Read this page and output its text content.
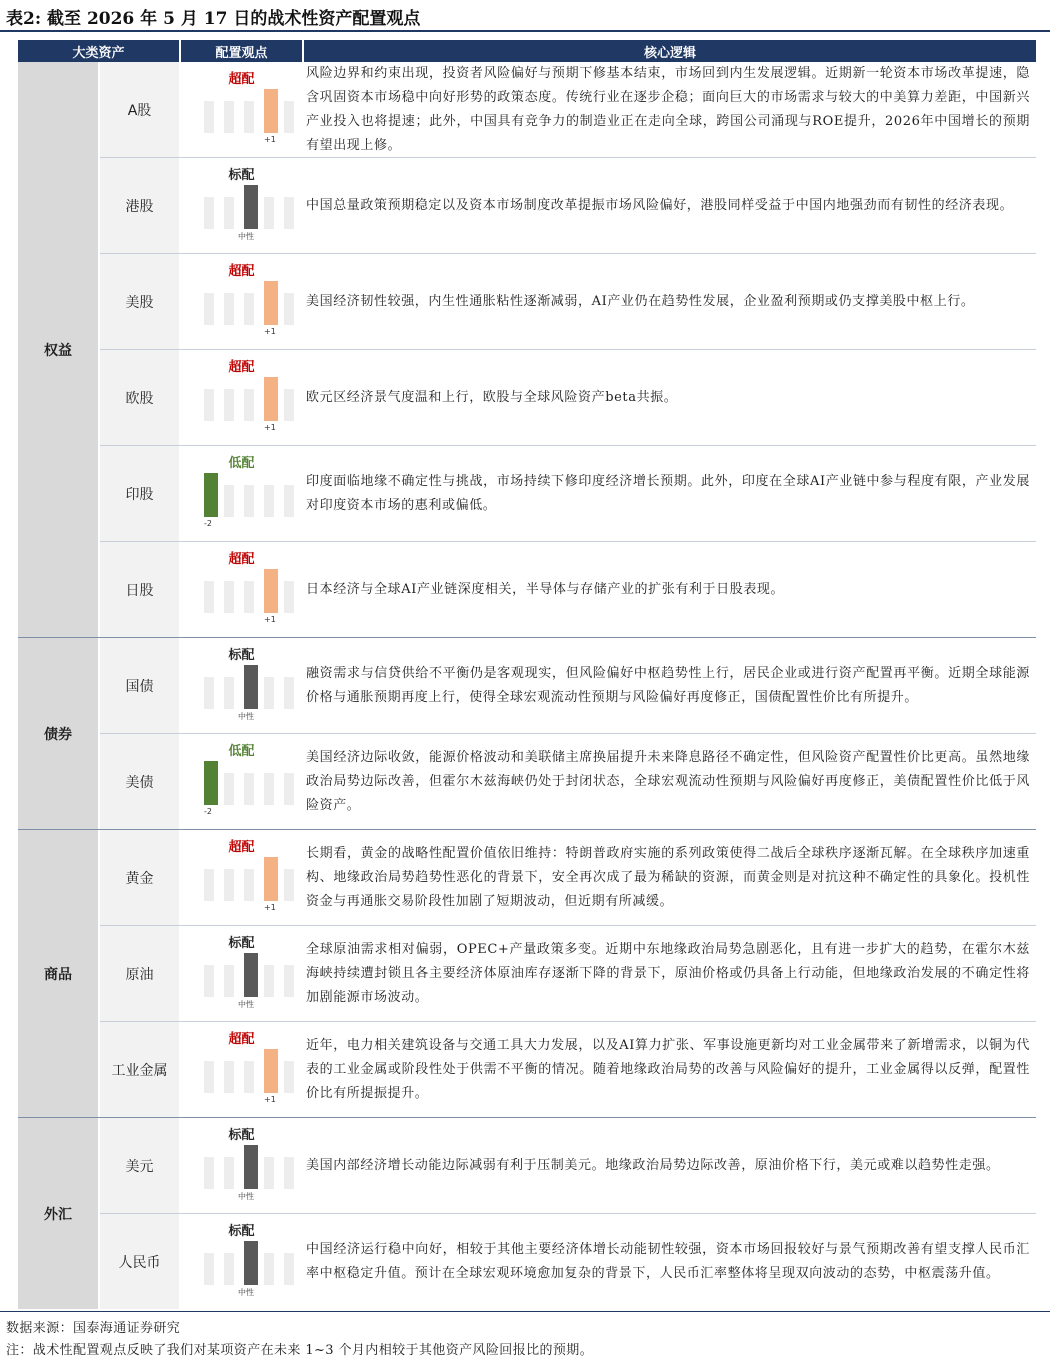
表2: 截至 2026 年 5 月 17 日的战术性资产配置观点
大类资产	配置观点	核心逻辑
A股
超配
+1
风险边界和约束出现，投资者风险偏好与预期下修基本结束，市场回到内生发展逻辑。近期新一轮资本市场改革提速，隐含巩固资本市场稳中向好形势的政策态度。传统行业在逐步企稳；面向巨大的市场需求与较大的中美算力差距，中国新兴产业投入也将提速；此外，中国具有竞争力的制造业正在走向全球，跨国公司涌现与ROE提升，2026年中国增长的预期有望出现上修。
港股
标配
中性
中国总量政策预期稳定以及资本市场制度改革提振市场风险偏好，港股同样受益于中国内地强劲而有韧性的经济表现。
美股
超配
+1
美国经济韧性较强，内生性通胀粘性逐渐减弱，AI产业仍在趋势性发展，企业盈利预期或仍支撑美股中枢上行。
欧股
超配
+1
欧元区经济景气度温和上行，欧股与全球风险资产beta共振。
印股
低配
-2
印度面临地缘不确定性与挑战，市场持续下修印度经济增长预期。此外，印度在全球AI产业链中参与程度有限，产业发展对印度资本市场的惠利或偏低。
日股
超配
+1
日本经济与全球AI产业链深度相关，半导体与存储产业的扩张有利于日股表现。
国债
标配
中性
融资需求与信贷供给不平衡仍是客观现实，但风险偏好中枢趋势性上行，居民企业或进行资产配置再平衡。近期全球能源价格与通胀预期再度上行，使得全球宏观流动性预期与风险偏好再度修正，国债配置性价比有所提升。
美债
低配
-2
美国经济边际收敛，能源价格波动和美联储主席换届提升未来降息路径不确定性，但风险资产配置性价比更高。虽然地缘政治局势边际改善，但霍尔木兹海峡仍处于封闭状态，全球宏观流动性预期与风险偏好再度修正，美债配置性价比低于风险资产。
黄金
超配
+1
长期看，黄金的战略性配置价值依旧维持：特朗普政府实施的系列政策使得二战后全球秩序逐渐瓦解。在全球秩序加速重构、地缘政治局势趋势性恶化的背景下，安全再次成了最为稀缺的资源，而黄金则是对抗这种不确定性的具象化。投机性资金与再通胀交易阶段性加剧了短期波动，但近期有所减缓。
原油
标配
中性
全球原油需求相对偏弱，OPEC+产量政策多变。近期中东地缘政治局势急剧恶化，且有进一步扩大的趋势，在霍尔木兹海峡持续遭封锁且各主要经济体原油库存逐渐下降的背景下，原油价格或仍具备上行动能，但地缘政治发展的不确定性将加剧能源市场波动。
工业金属
超配
+1
近年，电力相关建筑设备与交通工具大力发展，以及AI算力扩张、军事设施更新均对工业金属带来了新增需求，以铜为代表的工业金属或阶段性处于供需不平衡的情况。随着地缘政治局势的改善与风险偏好的提升，工业金属得以反弹，配置性价比有所提振提升。
美元
标配
中性
美国内部经济增长动能边际减弱有利于压制美元。地缘政治局势边际改善，原油价格下行，美元或难以趋势性走强。
人民币
标配
中性
中国经济运行稳中向好，相较于其他主要经济体增长动能韧性较强，资本市场回报较好与景气预期改善有望支撑人民币汇率中枢稳定升值。预计在全球宏观环境愈加复杂的背景下，人民币汇率整体将呈现双向波动的态势，中枢震荡升值。
权益
债券
商品
外汇
数据来源：国泰海通证券研究
注：战术性配置观点反映了我们对某项资产在未来 1~3 个月内相较于其他资产风险回报比的预期。
